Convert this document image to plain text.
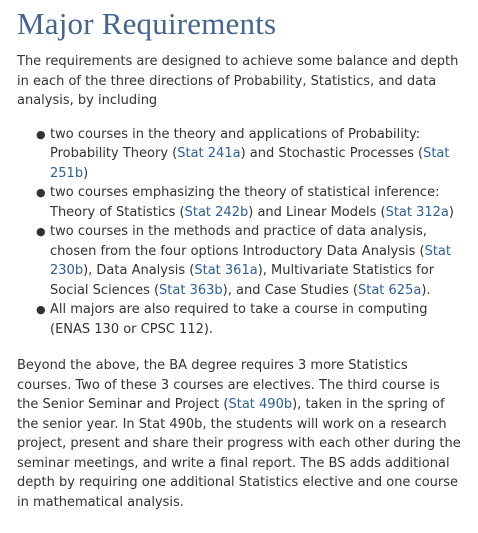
Major Requirements

The requirements are designed to achieve some balance and depth in each of the three directions of Probability, Statistics, and data analysis, by including

● two courses in the theory and applications of Probability: Probability Theory (Stat 241a) and Stochastic Processes (Stat 251b)
● two courses emphasizing the theory of statistical inference: Theory of Statistics (Stat 242b) and Linear Models (Stat 312a)
● two courses in the methods and practice of data analysis, chosen from the four options Introductory Data Analysis (Stat 230b), Data Analysis (Stat 361a), Multivariate Statistics for Social Sciences (Stat 363b), and Case Studies (Stat 625a).
● All majors are also required to take a course in computing (ENAS 130 or CPSC 112).

Beyond the above, the BA degree requires 3 more Statistics courses. Two of these 3 courses are electives. The third course is the Senior Seminar and Project (Stat 490b), taken in the spring of the senior year. In Stat 490b, the students will work on a research project, present and share their progress with each other during the seminar meetings, and write a final report. The BS adds additional depth by requiring one additional Statistics elective and one course in mathematical analysis.
